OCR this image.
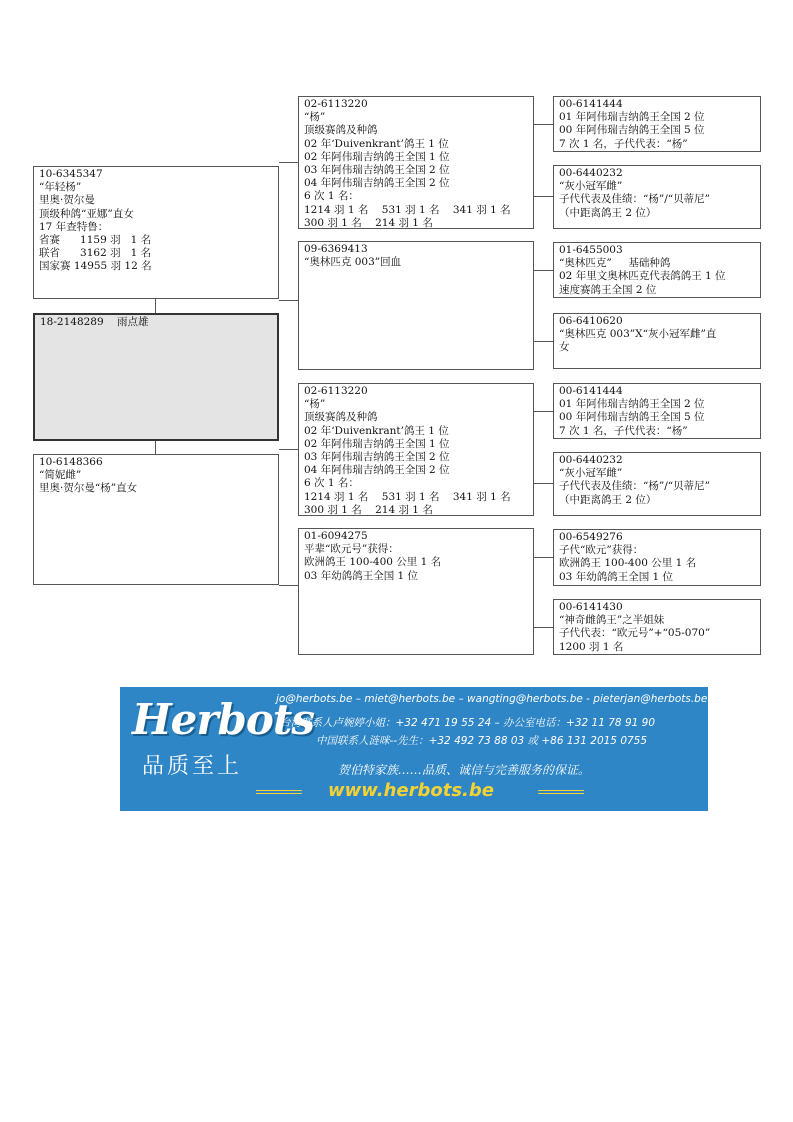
10-6345347
“年轻杨”
里奥·贺尔曼
顶级种鸽“亚娜”直女
17 年查特鲁：
省赛      1159 羽   1 名
联省      3162 羽   1 名
国家赛 14955 羽 12 名
18-2148289    雨点雄
10-6148366
“简妮雌”
里奥·贺尔曼“杨”直女
02-6113220
“杨”
顶级赛鸽及种鸽
02 年‘Duivenkrant’鸽王 1 位
02 年阿伟瑞吉纳鸽王全国 1 位
03 年阿伟瑞吉纳鸽王全国 2 位
04 年阿伟瑞吉纳鸽王全国 2 位
6 次 1 名：
1214 羽 1 名    531 羽 1 名    341 羽 1 名
300 羽 1 名    214 羽 1 名
09-6369413
“奥林匹克 003”回血
02-6113220
“杨”
顶级赛鸽及种鸽
02 年‘Duivenkrant’鸽王 1 位
02 年阿伟瑞吉纳鸽王全国 1 位
03 年阿伟瑞吉纳鸽王全国 2 位
04 年阿伟瑞吉纳鸽王全国 2 位
6 次 1 名：
1214 羽 1 名    531 羽 1 名    341 羽 1 名
300 羽 1 名    214 羽 1 名
01-6094275
平辈“欧元号”获得：
欧洲鸽王 100-400 公里 1 名
03 年幼鸽鸽王全国 1 位
00-6141444
01 年阿伟瑞吉纳鸽王全国 2 位
00 年阿伟瑞吉纳鸽王全国 5 位
7 次 1 名，子代代表：“杨”
00-6440232
“灰小冠军雌”
子代代表及佳绩：“杨”/“贝蒂尼”
（中距离鸽王 2 位）
01-6455003
“奥林匹克”     基础种鸽
02 年里文奥林匹克代表鸽鸽王 1 位
速度赛鸽王全国 2 位
06-6410620
“奥林匹克 003”X“灰小冠军雌”直
女
00-6141444
01 年阿伟瑞吉纳鸽王全国 2 位
00 年阿伟瑞吉纳鸽王全国 5 位
7 次 1 名，子代代表：“杨”
00-6440232
“灰小冠军雌”
子代代表及佳绩：“杨”/“贝蒂尼”
（中距离鸽王 2 位）
00-6549276
子代“欧元”获得：
欧洲鸽王 100-400 公里 1 名
03 年幼鸽鸽王全国 1 位
00-6141430
“神奇雌鸽王”之半姐妹
子代代表：“欧元号”+“05-070”
1200 羽 1 名
Herbots
品质至上
jo@herbots.be – miet@herbots.be – wangting@herbots.be - pieterjan@herbots.be
台湾联系人卢婉婷小姐：+32 471 19 55 24 – 办公室电话：+32 11 78 91 90
中国联系人涟咪--先生：+32 492 73 88 03 或 +86 131 2015 0755
贺伯特家族……品质、诚信与完善服务的保证。
www.herbots.be
